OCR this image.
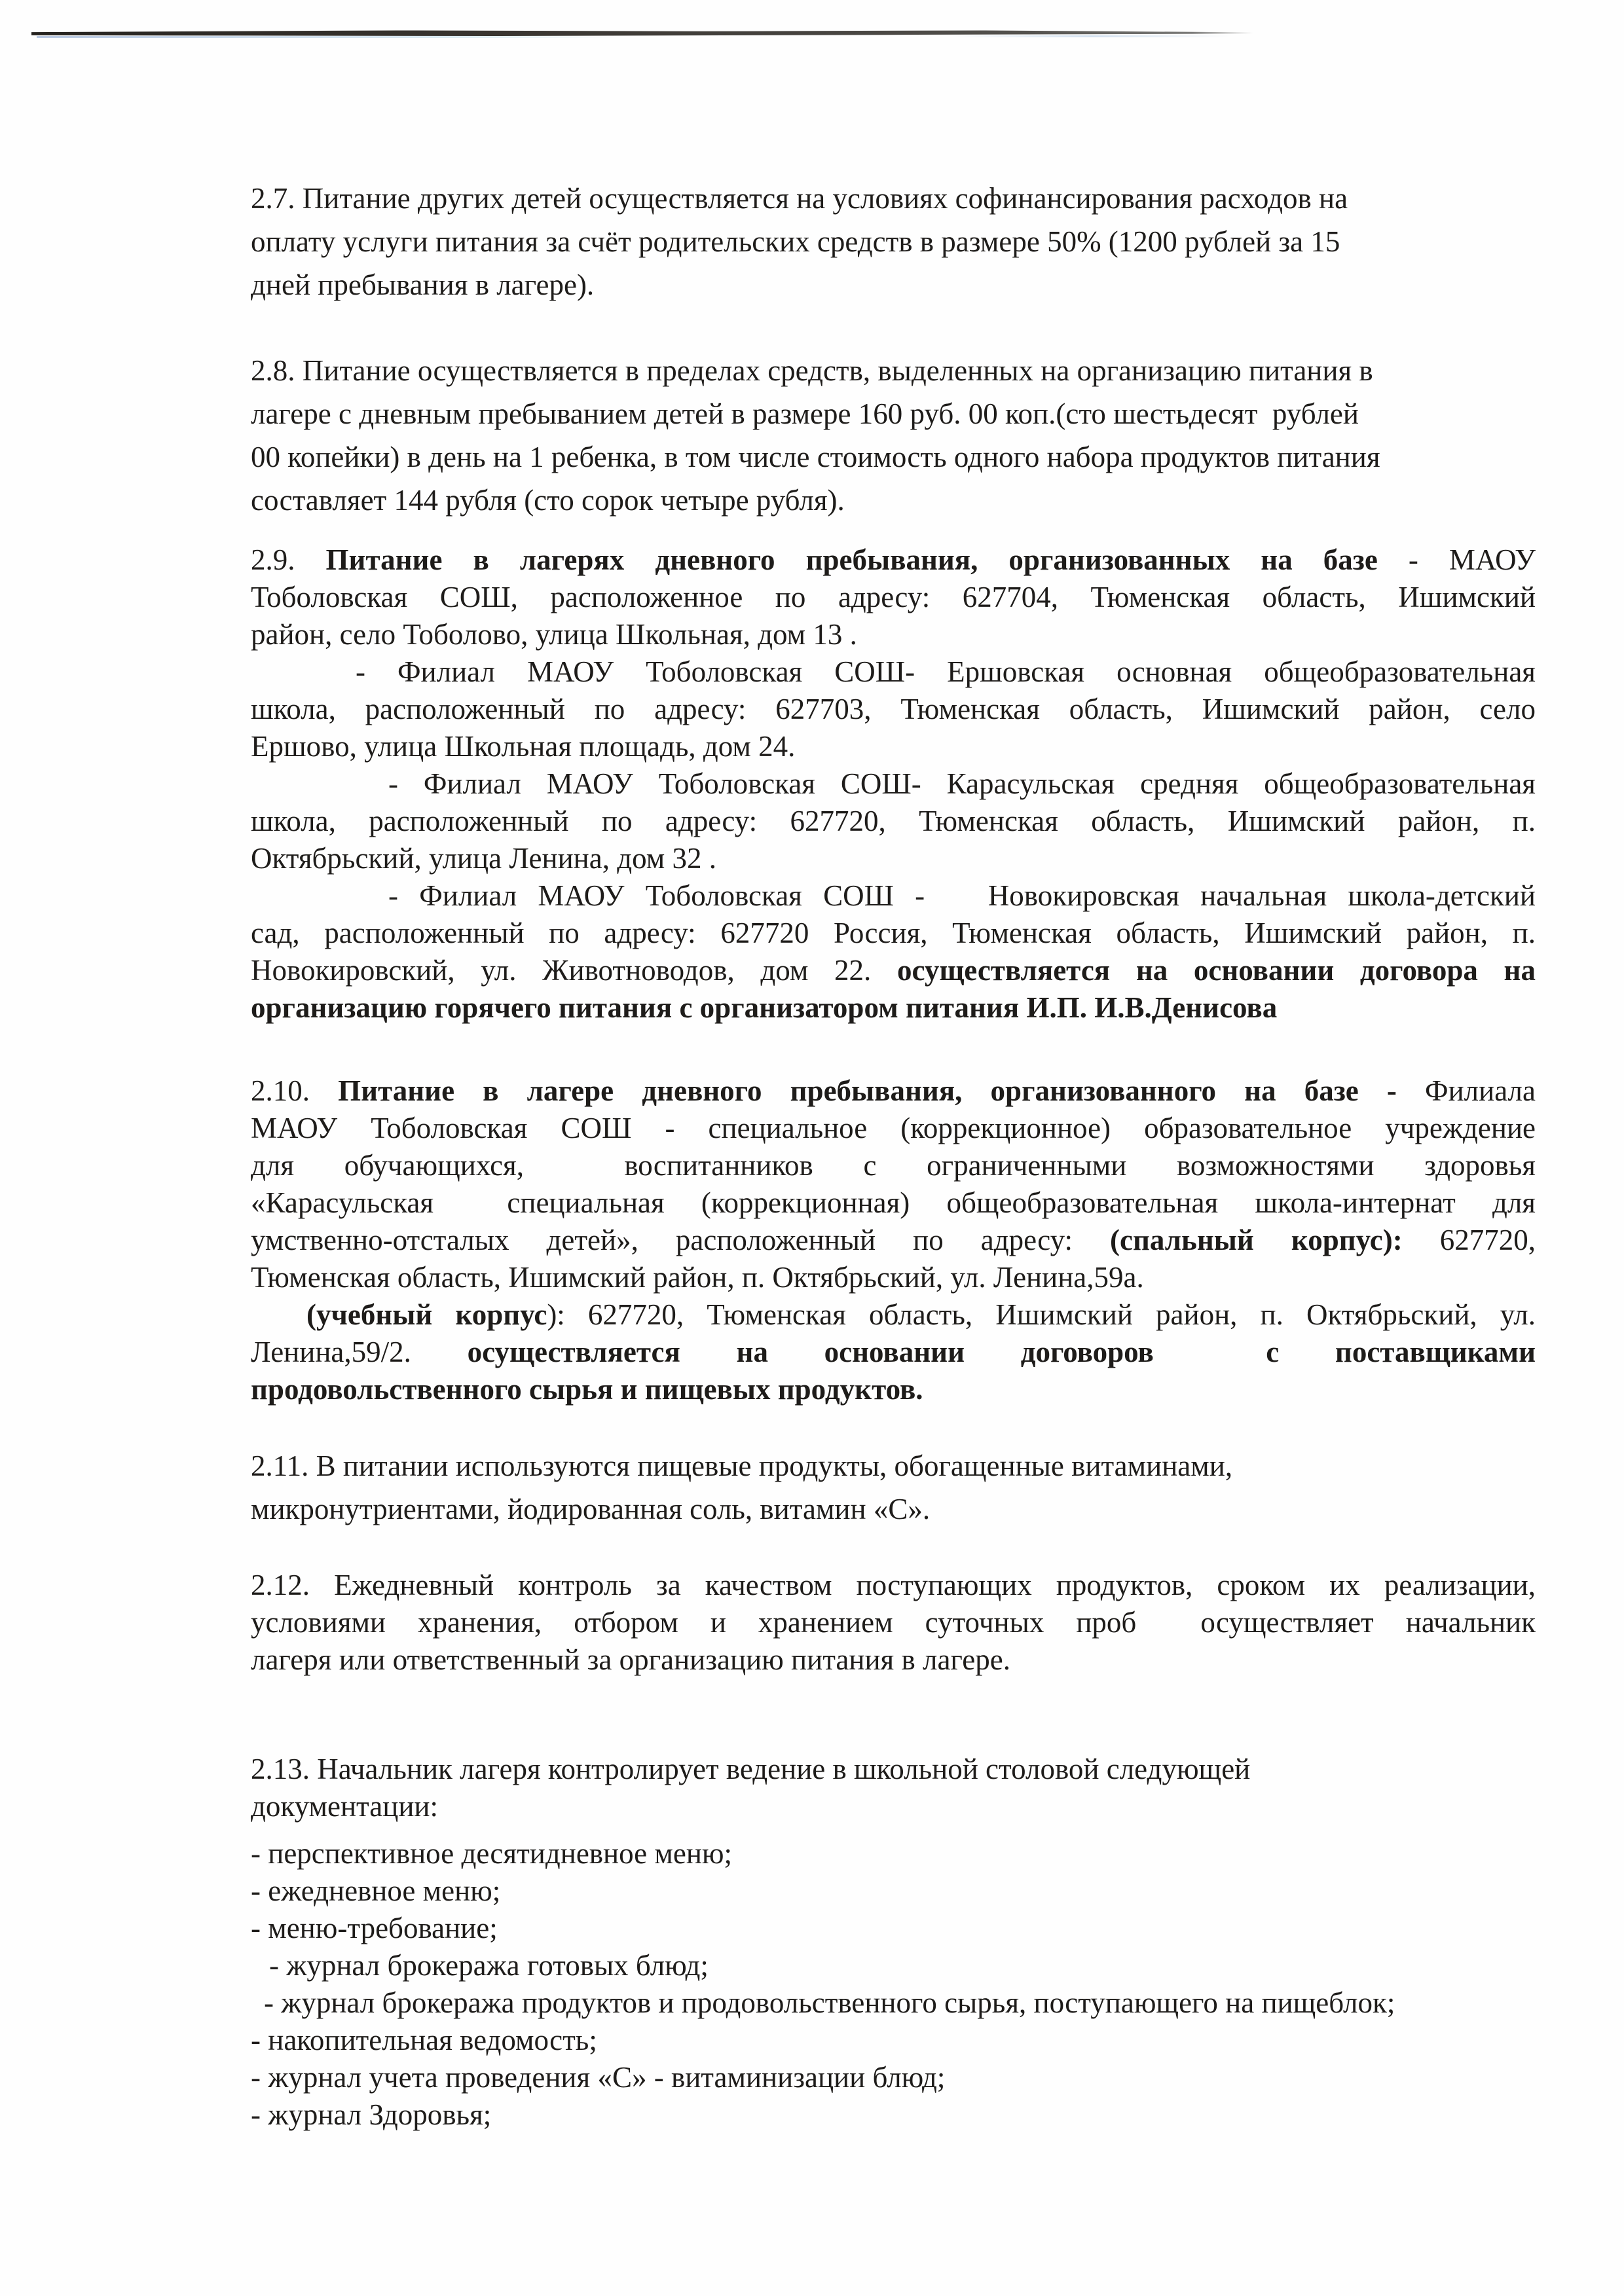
2.7. Питание других детей осуществляется на условиях софинансирования расходов на
оплату услуги питания за счёт родительских средств в размере 50% (1200 рублей за 15
дней пребывания в лагере).
2.8. Питание осуществляется в пределах средств, выделенных на организацию питания в
лагере с дневным пребыванием детей в размере 160 руб. 00 коп.(сто шестьдесят  рублей
00 копейки) в день на 1 ребенка, в том числе стоимость одного набора продуктов питания
составляет 144 рубля (сто сорок четыре рубля).
2.9. Питание в лагерях дневного пребывания, организованных на базе - МАОУ
Тоболовская СОШ, расположенное по адресу: 627704, Тюменская область, Ишимский
район, село Тоболово, улица Школьная, дом 13 .
- Филиал МАОУ Тоболовская СОШ- Ершовская основная общеобразовательная
школа, расположенный по адресу: 627703, Тюменская область, Ишимский район, село
Ершово, улица Школьная площадь, дом 24.
- Филиал МАОУ Тоболовская СОШ- Карасульская средняя общеобразовательная
школа, расположенный по адресу: 627720, Тюменская область, Ишимский район, п.
Октябрьский, улица Ленина, дом 32 .
- Филиал МАОУ Тоболовская СОШ -   Новокировская начальная школа-детский
сад, расположенный по адресу: 627720 Россия, Тюменская область, Ишимский район, п.
Новокировский, ул. Животноводов, дом 22. осуществляется на основании договора на
организацию горячего питания с организатором питания И.П. И.В.Денисова
2.10. Питание в лагере дневного пребывания, организованного на базе - Филиала
МАОУ Тоболовская СОШ - специальное (коррекционное) образовательное учреждение
для обучающихся,  воспитанников с ограниченными возможностями здоровья
«Карасульская  специальная (коррекционная) общеобразовательная школа-интернат для
умственно-отсталых детей», расположенный по адресу: (спальный корпус): 627720,
Тюменская область, Ишимский район, п. Октябрьский, ул. Ленина,59а.
(учебный корпус): 627720, Тюменская область, Ишимский район, п. Октябрьский, ул.
Ленина,59/2. осуществляется на основании договоров  с поставщиками
продовольственного сырья и пищевых продуктов.
2.11. В питании используются пищевые продукты, обогащенные витаминами,
микронутриентами, йодированная соль, витамин «С».
2.12. Ежедневный контроль за качеством поступающих продуктов, сроком их реализации,
условиями хранения, отбором и хранением суточных проб  осуществляет начальник
лагеря или ответственный за организацию питания в лагере.
2.13. Начальник лагеря контролирует ведение в школьной столовой следующей
документации:
- перспективное десятидневное меню;
- ежедневное меню;
- меню-требование;
- журнал брокеража готовых блюд;
- журнал брокеража продуктов и продовольственного сырья, поступающего на пищеблок;
- накопительная ведомость;
- журнал учета проведения «С» - витаминизации блюд;
- журнал Здоровья;
